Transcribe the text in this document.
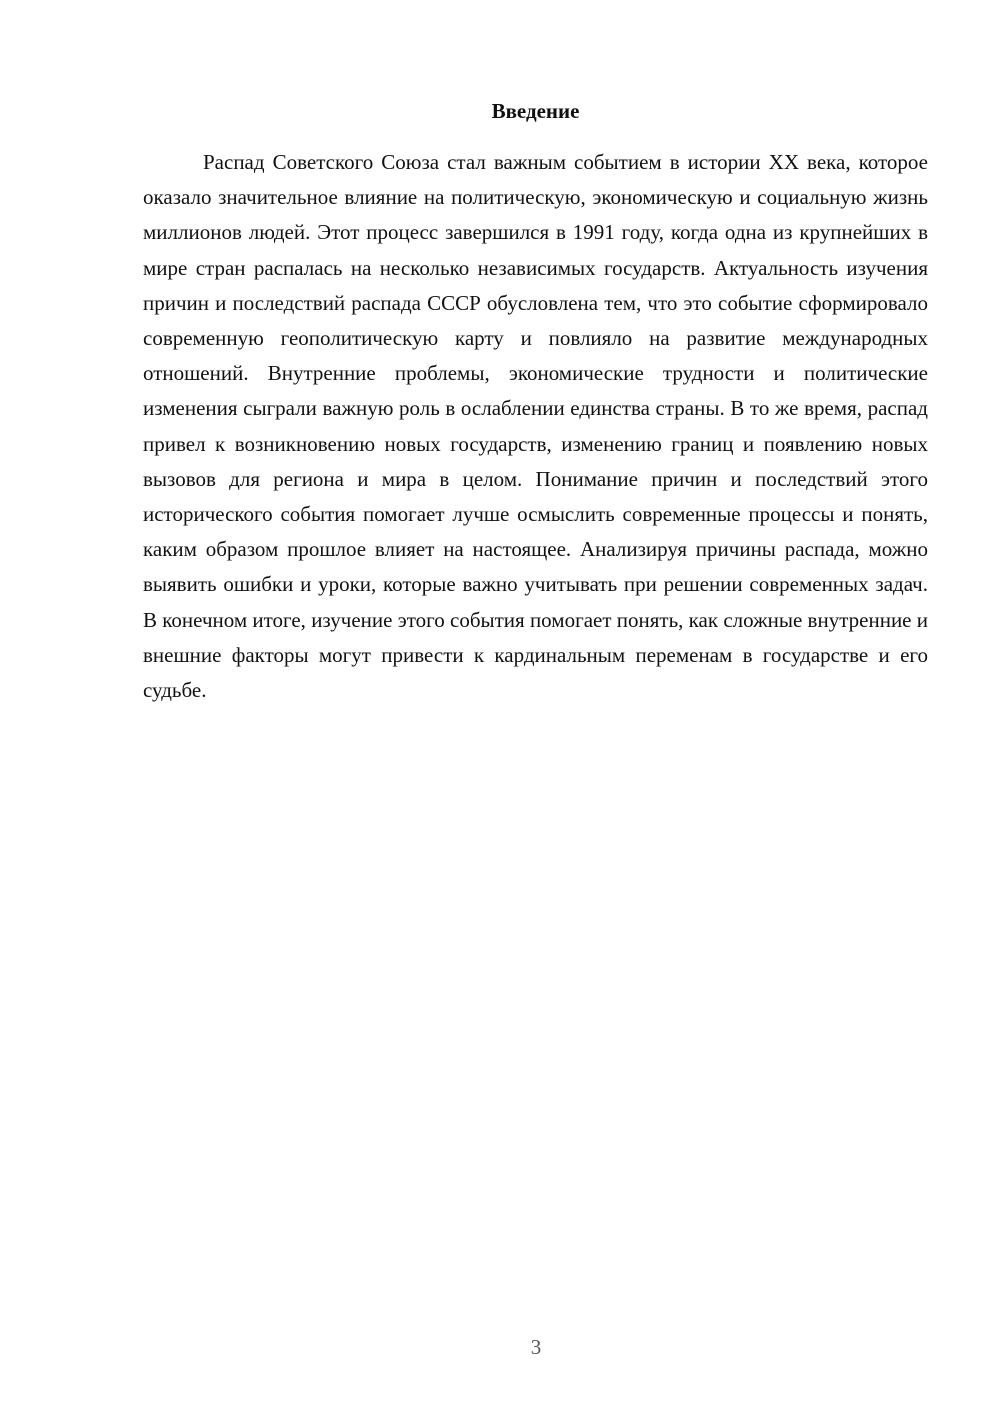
Введение

Распад Советского Союза стал важным событием в истории XX века, которое оказало значительное влияние на политическую, экономическую и социальную жизнь миллионов людей. Этот процесс завершился в 1991 году, когда одна из крупнейших в мире стран распалась на несколько независимых государств. Актуальность изучения причин и последствий распада СССР обусловлена тем, что это событие сформировало современную геополитическую карту и повлияло на развитие международных отношений. Внутренние проблемы, экономические трудности и политические изменения сыграли важную роль в ослаблении единства страны. В то же время, распад привел к возникновению новых государств, изменению границ и появлению новых вызовов для региона и мира в целом. Понимание причин и последствий этого исторического события помогает лучше осмыслить современные процессы и понять, каким образом прошлое влияет на настоящее. Анализируя причины распада, можно выявить ошибки и уроки, которые важно учитывать при решении современных задач. В конечном итоге, изучение этого события помогает понять, как сложные внутренние и внешние факторы могут привести к кардинальным переменам в государстве и его судьбе.

3
